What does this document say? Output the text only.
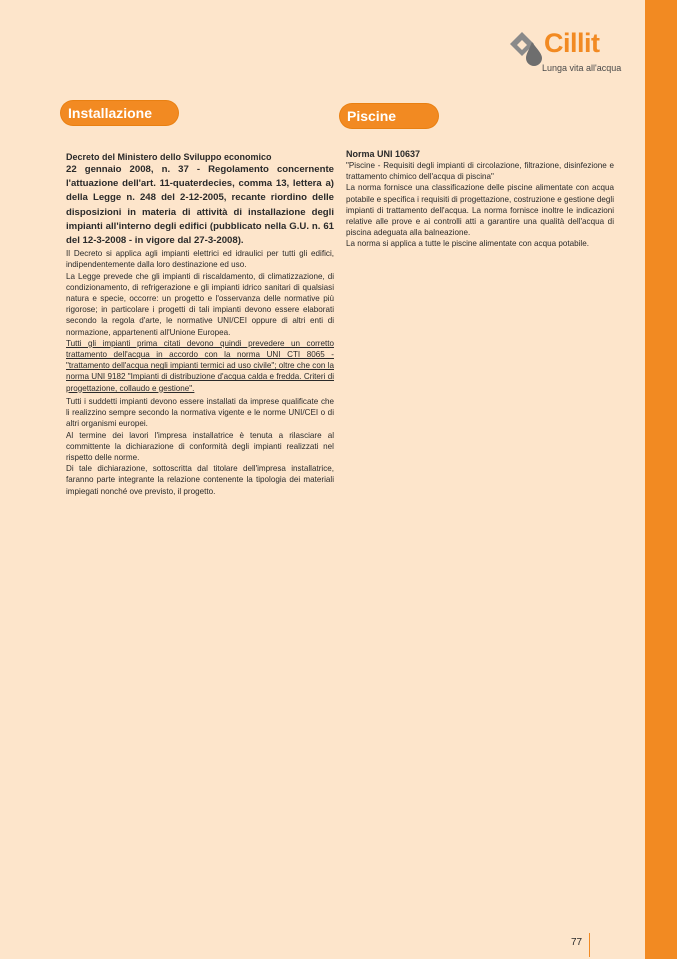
Cillit
Lunga vita all'acqua
Installazione	Piscine

Decreto del Ministero dello Sviluppo economico

22 gennaio 2008, n. 37 - Regolamento concernente l'attuazione dell'art. 11-quaterdecies, comma 13, lettera a) della Legge n. 248 del 2-12-2005, recante riordino delle disposizioni in materia di attività di installazione degli impianti all'interno degli edifici (pubblicato nella G.U. n. 61 del 12-3-2008 - in vigore dal 27-3-2008).

Il Decreto si applica agli impianti elettrici ed idraulici per tutti gli edifici, indipendentemente dalla loro destinazione ed uso.

La Legge prevede che gli impianti di riscaldamento, di climatizzazione, di condizionamento, di refrigerazione e gli impianti idrico sanitari di qualsiasi natura e specie, occorre: un progetto e l'osservanza delle normative più rigorose; in particolare i progetti di tali impianti devono essere elaborati secondo la regola d'arte, le normative UNI/CEI oppure di altri enti di normazione, appartenenti all'Unione Europea.

Tutti gli impianti prima citati devono quindi prevedere un corretto trattamento dell'acqua in accordo con la norma UNI CTI 8065 - "trattamento dell'acqua negli impianti termici ad uso civile"; oltre che con la norma UNI 9182 "Impianti di distribuzione d'acqua calda e fredda. Criteri di progettazione, collaudo e gestione".

Tutti i suddetti impianti devono essere installati da imprese qualificate che li realizzino sempre secondo la normativa vigente e le norme UNI/CEI o di altri organismi europei.

Al termine dei lavori l'impresa installatrice è tenuta a rilasciare al committente la dichiarazione di conformità degli impianti realizzati nel rispetto delle norme.

Di tale dichiarazione, sottoscritta dal titolare dell'impresa installatrice, faranno parte integrante la relazione contenente la tipologia dei materiali impiegati nonché ove previsto, il progetto.

Norma UNI 10637

"Piscine - Requisiti degli impianti di circolazione, filtrazione, disinfezione e trattamento chimico dell'acqua di piscina"

La norma fornisce una classificazione delle piscine alimentate con acqua potabile e specifica i requisiti di progettazione, costruzione e gestione degli impianti di trattamento dell'acqua. La norma fornisce inoltre le indicazioni relative alle prove e ai controlli atti a garantire una qualità dell'acqua di piscina adeguata alla balneazione.

La norma si applica a tutte le piscine alimentate con acqua potabile.

77
